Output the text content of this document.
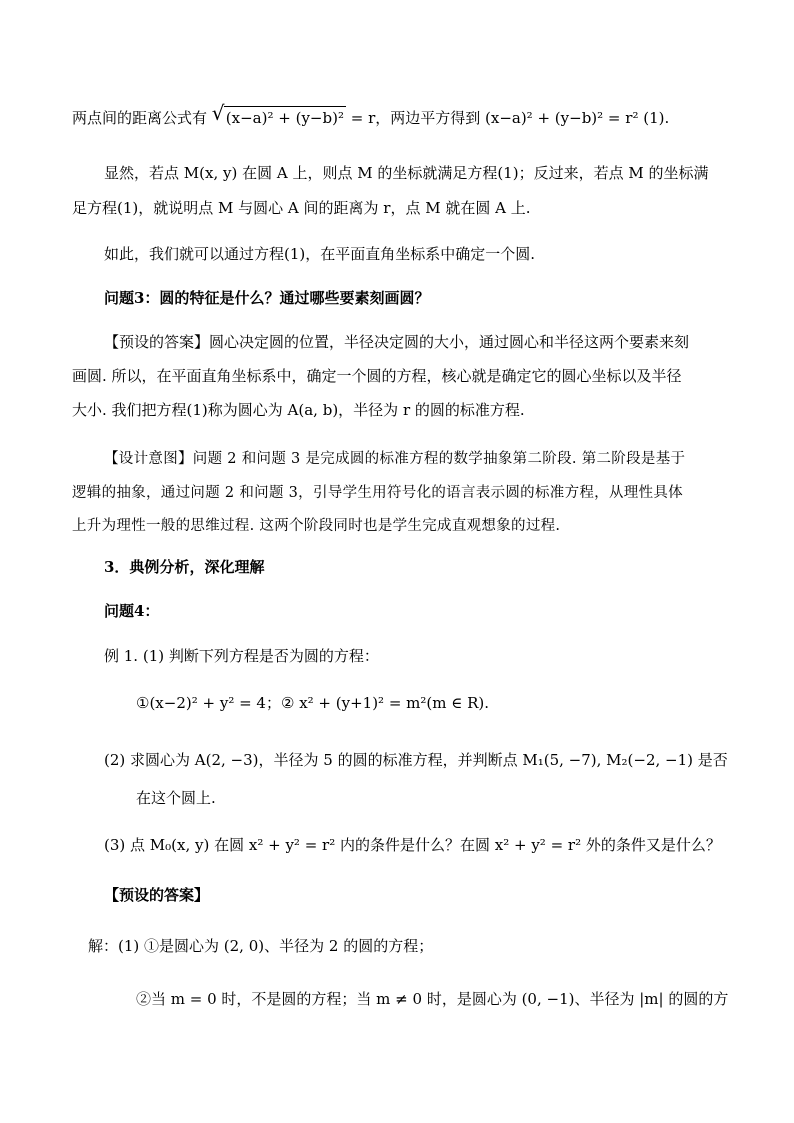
两点间的距离公式有 √ (x−a)² + (y−b)² = r，两边平方得到 (x−a)² + (y−b)² = r² (1).
显然，若点 M(x, y) 在圆 A 上，则点 M 的坐标就满足方程(1)；反过来，若点 M 的坐标满
足方程(1)，就说明点 M 与圆心 A 间的距离为 r，点 M 就在圆 A 上.
如此，我们就可以通过方程(1)，在平面直角坐标系中确定一个圆.
问题3：圆的特征是什么？通过哪些要素刻画圆？
【预设的答案】圆心决定圆的位置，半径决定圆的大小，通过圆心和半径这两个要素来刻
画圆. 所以，在平面直角坐标系中，确定一个圆的方程，核心就是确定它的圆心坐标以及半径
大小. 我们把方程(1)称为圆心为 A(a, b)，半径为 r 的圆的标准方程.
【设计意图】问题 2 和问题 3 是完成圆的标准方程的数学抽象第二阶段. 第二阶段是基于
逻辑的抽象，通过问题 2 和问题 3，引导学生用符号化的语言表示圆的标准方程，从理性具体
上升为理性一般的思维过程. 这两个阶段同时也是学生完成直观想象的过程.
3．典例分析，深化理解
问题4：
例 1. (1) 判断下列方程是否为圆的方程：
①(x−2)² + y² = 4；② x² + (y+1)² = m²(m ∈ R).
(2) 求圆心为 A(2, −3)，半径为 5 的圆的标准方程，并判断点 M₁(5, −7), M₂(−2, −1) 是否
在这个圆上.
(3) 点 M₀(x, y) 在圆 x² + y² = r² 内的条件是什么？在圆 x² + y² = r² 外的条件又是什么？
【预设的答案】
解：(1) ①是圆心为 (2, 0)、半径为 2 的圆的方程；
②当 m = 0 时，不是圆的方程；当 m ≠ 0 时，是圆心为 (0, −1)、半径为 |m| 的圆的方
